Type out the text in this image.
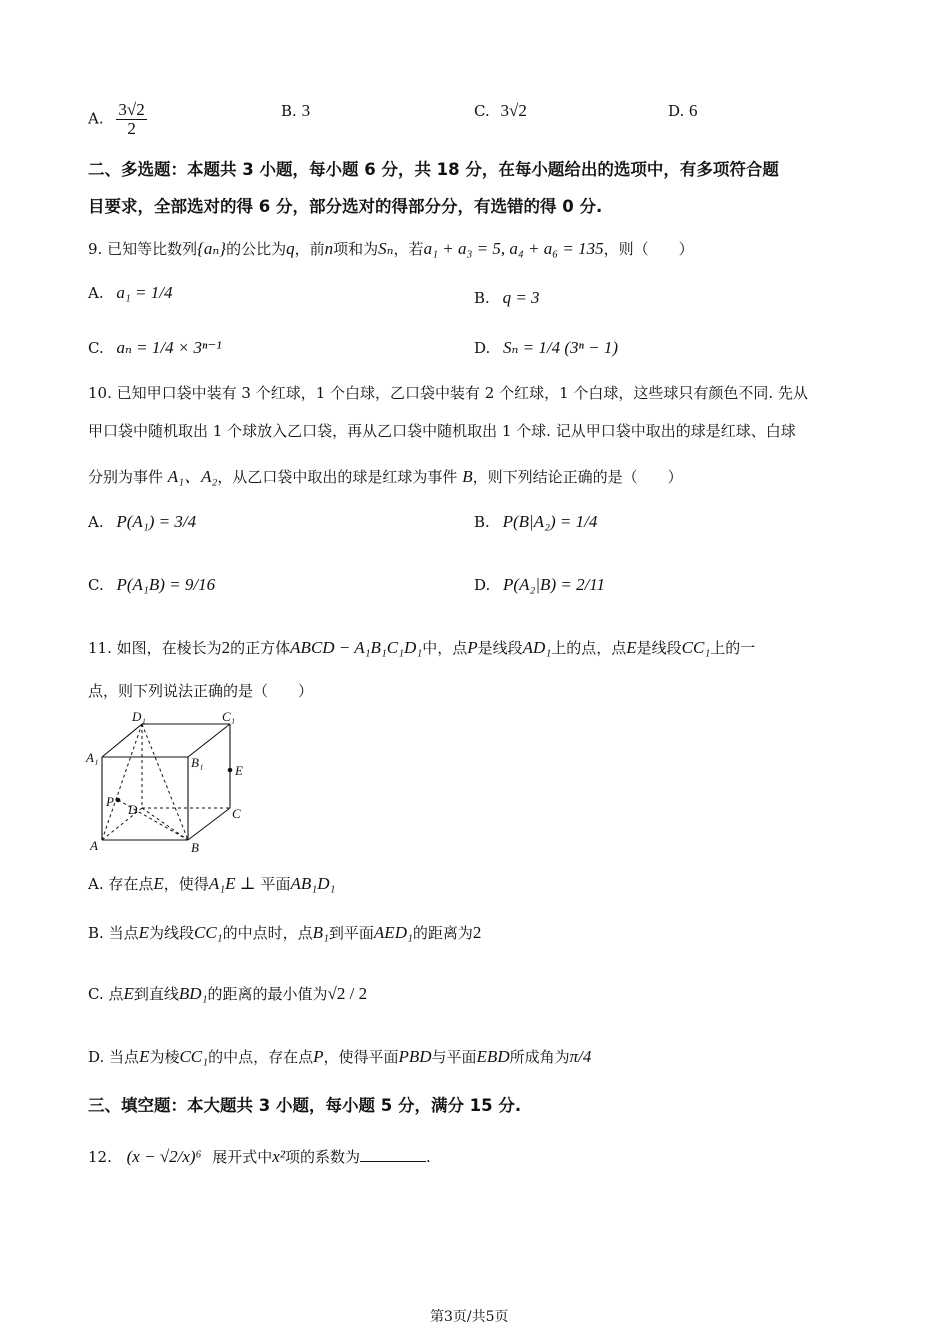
A. $\frac{3√2}{2}$	B. 3	C. 3√2	D. 6
二、多选题：本题共 3 小题，每小题 6 分，共 18 分，在每小题给出的选项中，有多项符合题
目要求，全部选对的得 6 分，部分选对的得部分分，有选错的得 0 分.
9. 已知等比数列{aₙ}的公比为q，前n项和为Sₙ，若a₁ + a₃ = 5, a₄ + a₆ = 135，则（　　）
A. a₁ = 1/4	B. q = 3
C. aₙ = 1/4 × 3ⁿ⁻¹	D. Sₙ = 1/4 (3ⁿ − 1)
10. 已知甲口袋中装有 3 个红球，1 个白球，乙口袋中装有 2 个红球，1 个白球，这些球只有颜色不同. 先从
甲口袋中随机取出 1 个球放入乙口袋，再从乙口袋中随机取出 1 个球. 记从甲口袋中取出的球是红球、白球
分别为事件 A₁、A₂，从乙口袋中取出的球是红球为事件 B，则下列结论正确的是（　　）
A. P(A₁) = 3/4	B. P(B|A₂) = 1/4
C. P(A₁B) = 9/16	D. P(A₂|B) = 2/11
11. 如图，在棱长为2的正方体ABCD − A₁B₁C₁D₁中，点P是线段AD₁上的点，点E是线段CC₁上的一
点，则下列说法正确的是（　　）
D₁	C₁
A₁	B₁
E
P
D	C
A	B
A. 存在点E，使得A₁E ⊥ 平面AB₁D₁
B. 当点E为线段CC₁的中点时，点B₁到平面AED₁的距离为2
C. 点E到直线BD₁的距离的最小值为√2 / 2
D. 当点E为棱CC₁的中点，存在点P，使得平面PBD与平面EBD所成角为π/4
三、填空题：本大题共 3 小题，每小题 5 分，满分 15 分.
12. (x − √2/x)⁶ 展开式中x²项的系数为	.
第3页/共5页
